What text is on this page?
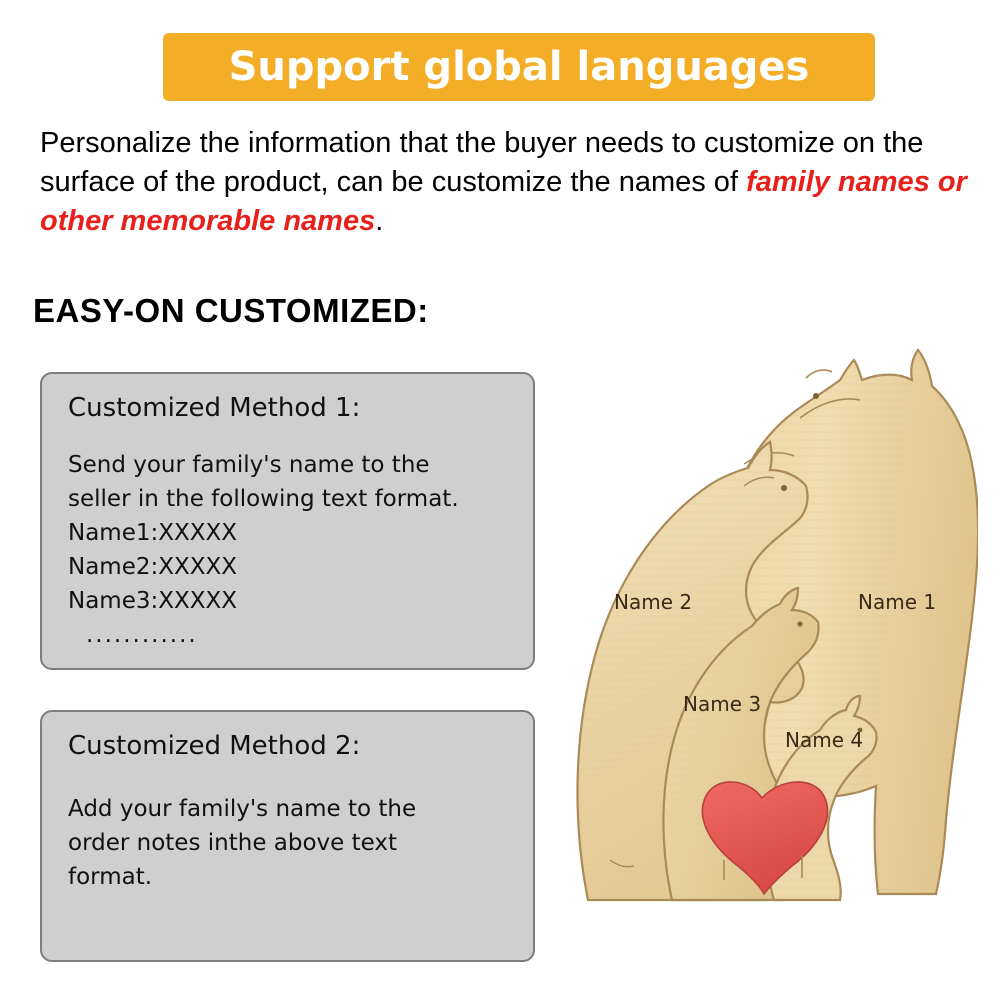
Support global languages
Personalize the information that the buyer needs to customize on the surface of the product, can be customize the names of family names or other memorable names.
EASY-ON CUSTOMIZED:
Customized Method 1:
Send your family's name to the
seller in the following text format.
Name1:XXXXX
Name2:XXXXX
Name3:XXXXX
............
Customized Method 2:
Add your family's name to the
order notes inthe above text
format.
Name 1
Name 2
Name 3
Name 4
